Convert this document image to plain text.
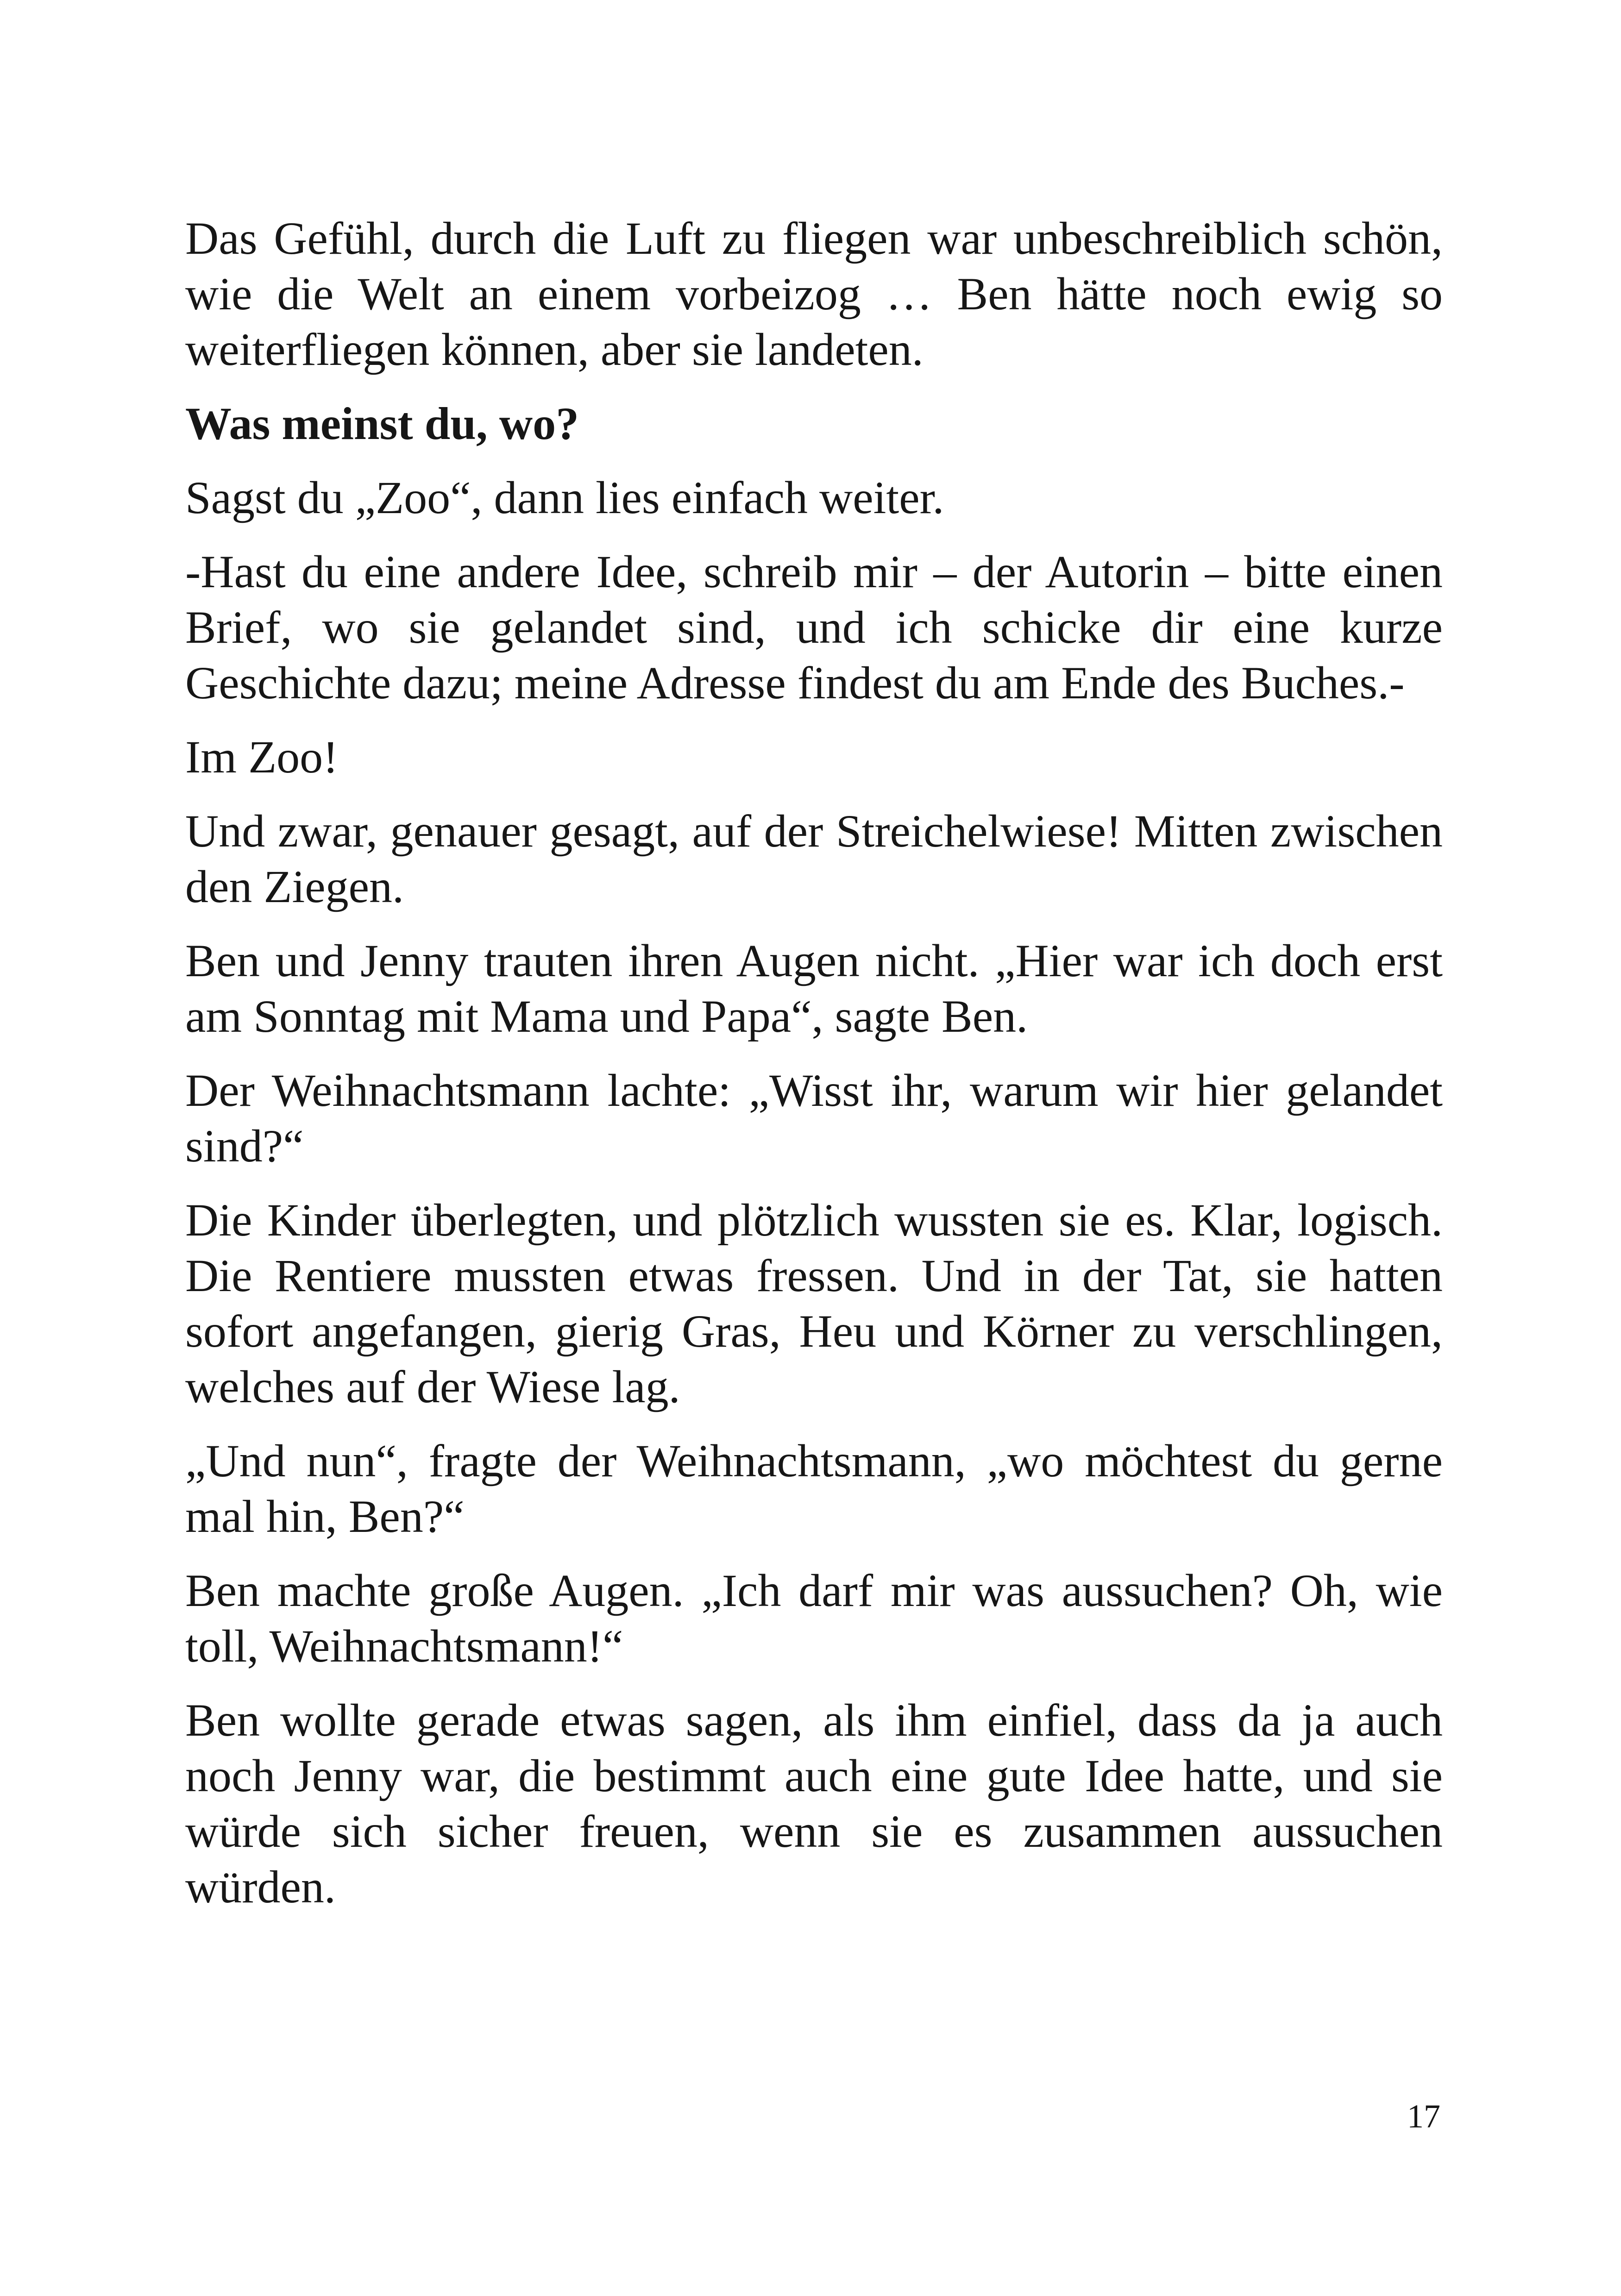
Das Gefühl, durch die Luft zu fliegen war unbeschreiblich schön, wie die Welt an einem vorbeizog … Ben hätte noch ewig so weiterfliegen können, aber sie landeten.

Was meinst du, wo?

Sagst du „Zoo“, dann lies einfach weiter.

-Hast du eine andere Idee, schreib mir – der Autorin – bitte einen Brief, wo sie gelandet sind, und ich schicke dir eine kurze Geschichte dazu; meine Adresse findest du am Ende des Buches.-

Im Zoo!

Und zwar, genauer gesagt, auf der Streichelwiese! Mitten zwischen den Ziegen.

Ben und Jenny trauten ihren Augen nicht. „Hier war ich doch erst am Sonntag mit Mama und Papa“, sagte Ben.

Der Weihnachtsmann lachte: „Wisst ihr, warum wir hier gelandet sind?“

Die Kinder überlegten, und plötzlich wussten sie es. Klar, logisch. Die Rentiere mussten etwas fressen. Und in der Tat, sie hatten sofort angefangen, gierig Gras, Heu und Körner zu verschlingen, welches auf der Wiese lag.

„Und nun“, fragte der Weihnachtsmann, „wo möchtest du gerne mal hin, Ben?“

Ben machte große Augen. „Ich darf mir was aussuchen? Oh, wie toll, Weihnachtsmann!“

Ben wollte gerade etwas sagen, als ihm einfiel, dass da ja auch noch Jenny war, die bestimmt auch eine gute Idee hatte, und sie würde sich sicher freuen, wenn sie es zusammen aussuchen würden.

17
